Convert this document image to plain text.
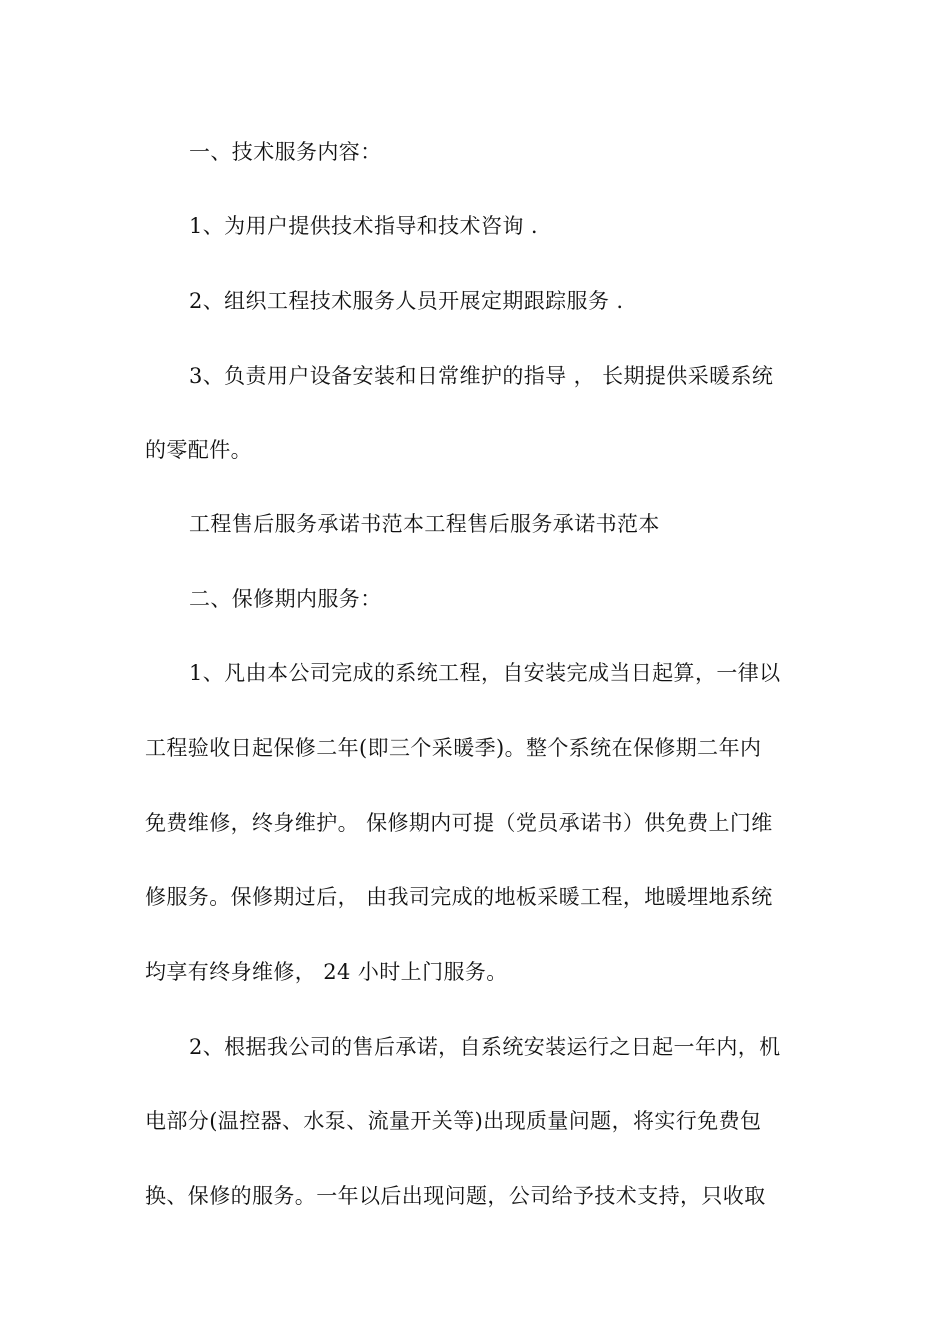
一、技术服务内容：
1、为用户提供技术指导和技术咨询 .
2、组织工程技术服务人员开展定期跟踪服务 .
3、负责用户设备安装和日常维护的指导 ， 长期提供采暖系统
的零配件。
工程售后服务承诺书范本工程售后服务承诺书范本
二、保修期内服务：
1、凡由本公司完成的系统工程，自安装完成当日起算，一律以
工程验收日起保修二年(即三个采暖季)。整个系统在保修期二年内
免费维修，终身维护。 保修期内可提（党员承诺书）供免费上门维
修服务。保修期过后， 由我司完成的地板采暖工程，地暖埋地系统
均享有终身维修， 24 小时上门服务。
2、根据我公司的售后承诺，自系统安装运行之日起一年内，机
电部分(温控器、水泵、流量开关等)出现质量问题，将实行免费包
换、保修的服务。一年以后出现问题，公司给予技术支持，只收取
